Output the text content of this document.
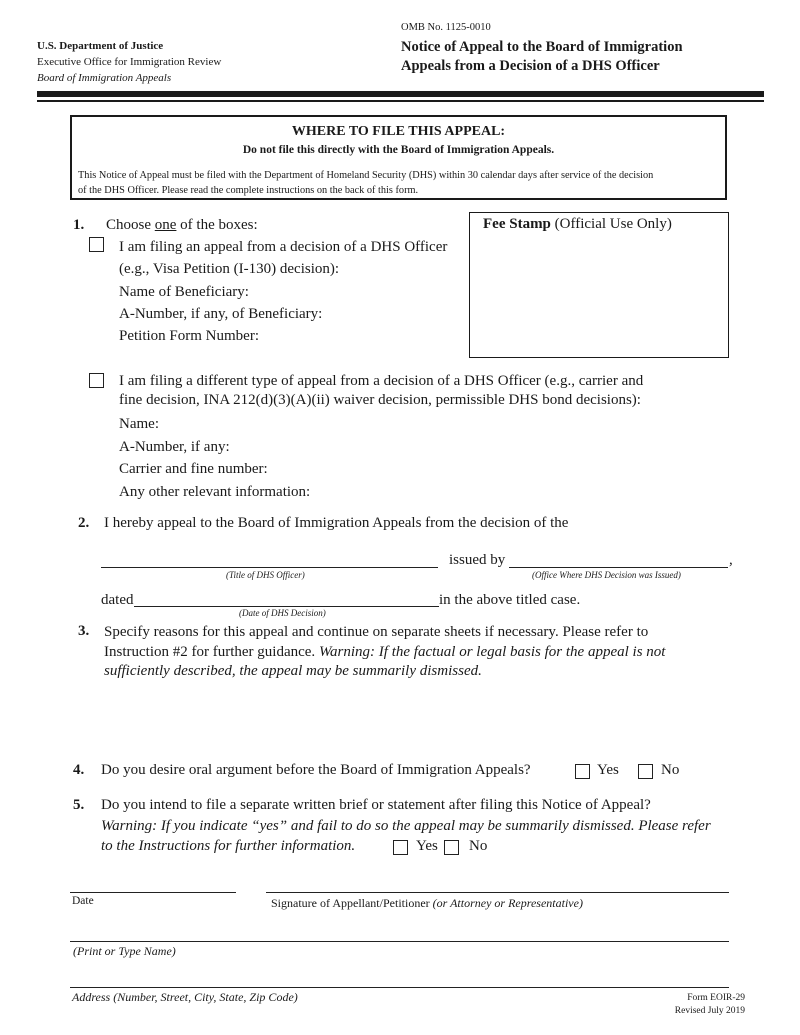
OMB No. 1125-0010
U.S. Department of Justice
Executive Office for Immigration Review
Board of Immigration Appeals
Notice of Appeal to the Board of Immigration
Appeals from a Decision of a DHS Officer
WHERE TO FILE THIS APPEAL:
Do not file this directly with the Board of Immigration Appeals.
This Notice of Appeal must be filed with the Department of Homeland Security (DHS) within 30 calendar days after service of the decision
of the DHS Officer. Please read the complete instructions on the back of this form.
Fee Stamp (Official Use Only)
1. Choose one of the boxes:
I am filing an appeal from a decision of a DHS Officer
(e.g., Visa Petition (I-130) decision):
Name of Beneficiary:
A-Number, if any, of Beneficiary:
Petition Form Number:
I am filing a different type of appeal from a decision of a DHS Officer (e.g., carrier and
fine decision, INA 212(d)(3)(A)(ii) waiver decision, permissible DHS bond decisions):
Name:
A-Number, if any:
Carrier and fine number:
Any other relevant information:
2. I hereby appeal to the Board of Immigration Appeals from the decision of the
issued by	,
(Title of DHS Officer)	(Office Where DHS Decision was Issued)
dated	in the above titled case.
(Date of DHS Decision)
3. Specify reasons for this appeal and continue on separate sheets if necessary. Please refer to
Instruction #2 for further guidance. Warning: If the factual or legal basis for the appeal is not
sufficiently described, the appeal may be summarily dismissed.
4. Do you desire oral argument before the Board of Immigration Appeals?	Yes	No
5. Do you intend to file a separate written brief or statement after filing this Notice of Appeal?
Warning: If you indicate “yes” and fail to do so the appeal may be summarily dismissed. Please refer
to the Instructions for further information.	Yes No
Date	Signature of Appellant/Petitioner (or Attorney or Representative)
(Print or Type Name)
Address (Number, Street, City, State, Zip Code)	Form EOIR-29
Revised July 2019
